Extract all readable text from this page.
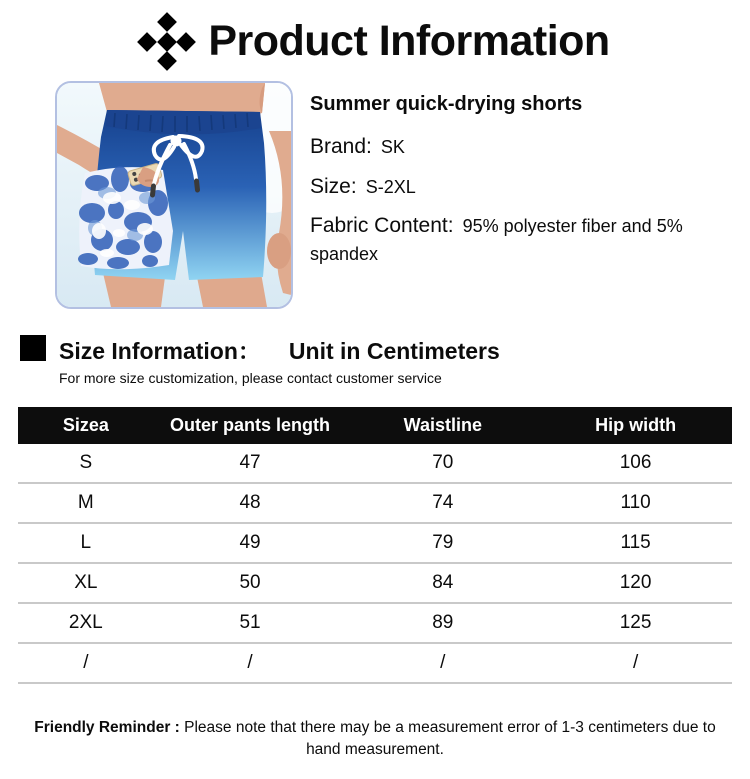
Product Information
Summer quick-drying shorts

Brand: SK

Size: S-2XL

Fabric Content: 95% polyester fiber and 5% spandex

Size Information： Unit in Centimeters

For more size customization, please contact customer service

Sizea	Outer pants length	Waistline	Hip width
S	47	70	106
M	48	74	110
L	49	79	115
XL	50	84	120
2XL	51	89	125
/	/	/	/
Friendly Reminder : Please note that there may be a measurement error of 1-3 centimeters due to hand measurement.
